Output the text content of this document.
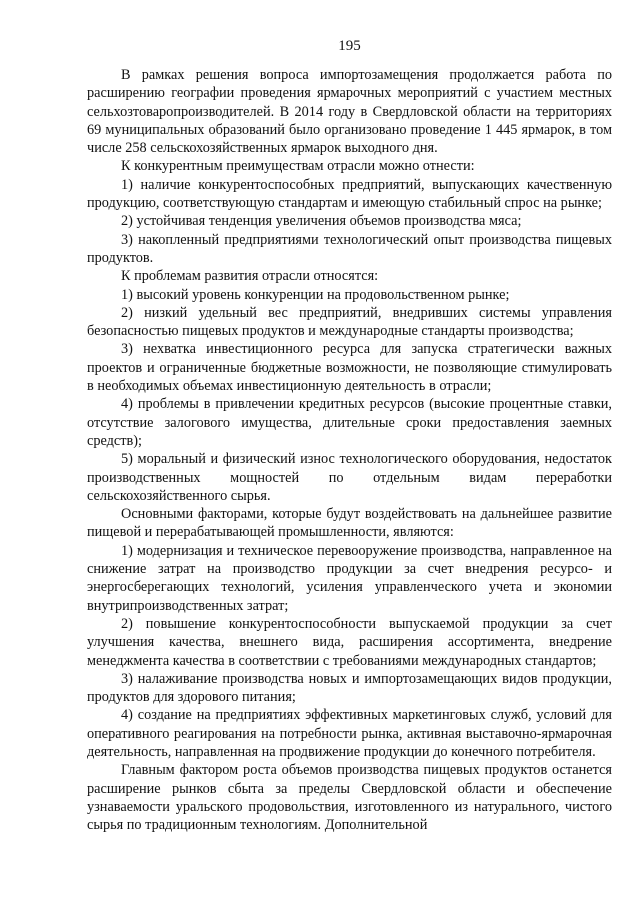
195

В рамках решения вопроса импортозамещения продолжается работа по расширению географии проведения ярмарочных мероприятий с участием местных сельхозтоваропроизводителей. В 2014 году в Свердловской области на территориях 69 муниципальных образований было организовано проведение 1 445 ярмарок, в том числе 258 сельскохозяйственных ярмарок выходного дня.

К конкурентным преимуществам отрасли можно отнести:

1) наличие конкурентоспособных предприятий, выпускающих качественную продукцию, соответствующую стандартам и имеющую стабильный спрос на рынке;

2) устойчивая тенденция увеличения объемов производства мяса;

3) накопленный предприятиями технологический опыт производства пищевых продуктов.

К проблемам развития отрасли относятся:

1) высокий уровень конкуренции на продовольственном рынке;

2) низкий удельный вес предприятий, внедривших системы управления безопасностью пищевых продуктов и международные стандарты производства;

3) нехватка инвестиционного ресурса для запуска стратегически важных проектов и ограниченные бюджетные возможности, не позволяющие стимулировать в необходимых объемах инвестиционную деятельность в отрасли;

4) проблемы в привлечении кредитных ресурсов (высокие процентные ставки, отсутствие залогового имущества, длительные сроки предоставления заемных средств);

5) моральный и физический износ технологического оборудования, недостаток производственных мощностей по отдельным видам переработки сельскохозяйственного сырья.

Основными факторами, которые будут воздействовать на дальнейшее развитие пищевой и перерабатывающей промышленности, являются:

1) модернизация и техническое перевооружение производства, направленное на снижение затрат на производство продукции за счет внедрения ресурсо- и энергосберегающих технологий, усиления управленческого учета и экономии внутрипроизводственных затрат;

2) повышение конкурентоспособности выпускаемой продукции за счет улучшения качества, внешнего вида, расширения ассортимента, внедрение менеджмента качества в соответствии с требованиями международных стандартов;

3) налаживание производства новых и импортозамещающих видов продукции, продуктов для здорового питания;

4) создание на предприятиях эффективных маркетинговых служб, условий для оперативного реагирования на потребности рынка, активная выставочно-ярмарочная деятельность, направленная на продвижение продукции до конечного потребителя.

Главным фактором роста объемов производства пищевых продуктов останется расширение рынков сбыта за пределы Свердловской области и обеспечение узнаваемости уральского продовольствия, изготовленного из натурального, чистого сырья по традиционным технологиям. Дополнительной
